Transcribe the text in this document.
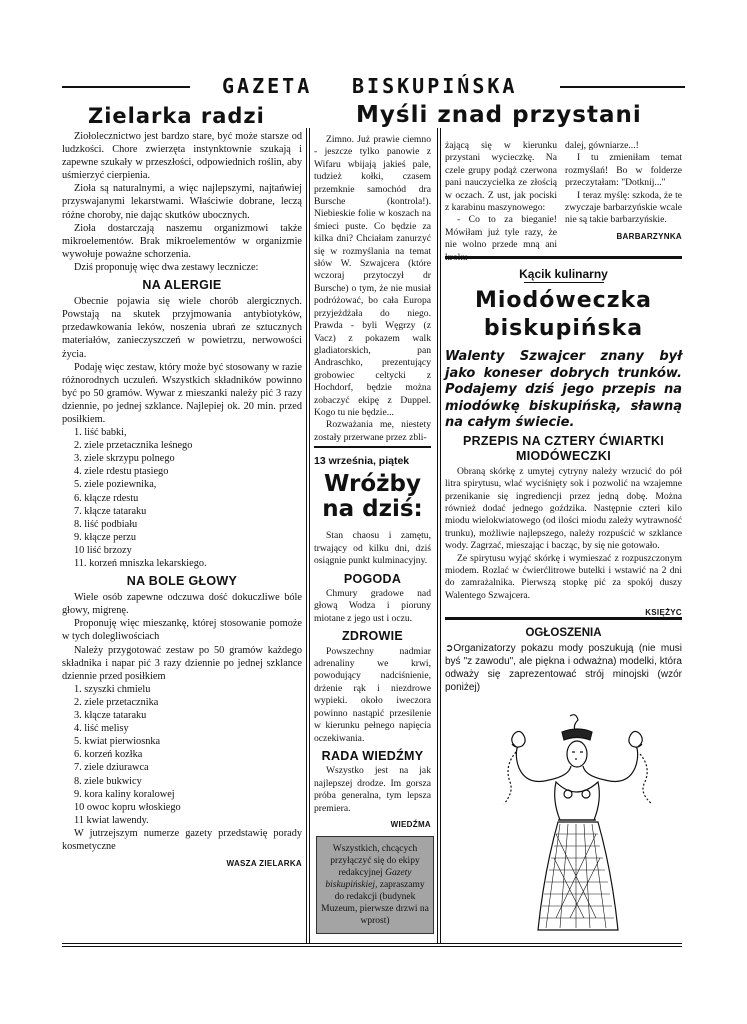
GAZETA BISKUPIŃSKA
Zielarka radzi	Myśli znad przystani

Ziołolecznictwo jest bardzo stare, być może starsze od ludzkości. Chore zwierzęta instynktownie szukają i zapewne szukały w przeszłości, odpowiednich roślin, aby uśmierzyć cierpienia.

Zioła są naturalnymi, a więc najlepszymi, najtańwiej przyswajanymi lekarstwami. Właściwie dobrane, leczą różne choroby, nie dając skutków ubocznych.

Zioła dostarczają naszemu organizmowi także mikroelementów. Brak mikroelementów w organizmie wywołuje poważne schorzenia.

Dziś proponuję więc dwa zestawy lecznicze:

NA ALERGIE

Obecnie pojawia się wiele chorób alergicznych. Powstają na skutek przyjmowania antybiotyków, przedawkowania leków, noszenia ubrań ze sztucznych materiałów, zanieczyszczeń w powietrzu, nerwowości życia.

Podaję więc zestaw, który może być stosowany w razie różnorodnych uczuleń. Wszystkich składników powinno być po 50 gramów. Wywar z mieszanki należy pić 3 razy dziennie, po jednej szklance. Najlepiej ok. 20 min. przed posiłkiem.

1. liść babki,
2. ziele przetacznika leśnego
3. ziele skrzypu polnego
4. ziele rdestu ptasiego
5. ziele poziewnika,
6. kłącze rdestu
7. kłącze tataraku
8. liść podbiału
9. kłącze perzu
10 liść brzozy
11. korzeń mniszka lekarskiego.
NA BOLE GŁOWY

Wiele osób zapewne odczuwa dość dokuczliwe bóle głowy, migrenę.

Proponuję więc mieszankę, której stosowanie pomoże w tych dolegliwościach

Należy przygotować zestaw po 50 gramów każdego składnika i napar pić 3 razy dziennie po jednej szklance dziennie przed posiłkiem

1. szyszki chmielu
2. ziele przetacznika
3. kłącze tataraku
4. liść melisy
5. kwiat pierwiosnka
6. korzeń kozłka
7. ziele dziurawca
8. ziele bukwicy
9. kora kaliny koralowej
10 owoc kopru włoskiego
11 kwiat lawendy.

W jutrzejszym numerze gazety przedstawię porady kosmetyczne

WASZA ZIELARKA

Zimno. Już prawie ciemno - jeszcze tylko panowie z Wifaru wbijają jakieś pale, tudzież kołki, czasem przemknie samochód dra Bursche (kontrola!). Niebieskie folie w koszach na śmieci puste. Co będzie za kilka dni? Chciałam zanurzyć się w rozmyślania na temat słów W. Szwajcera (które wczoraj przytoczył dr Bursche) o tym, że nie musiał podróżować, bo cała Europa przyjeżdżała do niego. Prawda - byli Węgrzy (z Vacz) z pokazem walk gladiatorskich, pan Andraschko, prezentujący grobowiec celtycki z Hochdorf, będzie można zobaczyć ekipę z Duppel. Kogo tu nie będzie...

Rozważania me, niestety zostały przerwane przez zbli-

13 września, piątek
Wróżby
na dziś:

Stan chaosu i zamętu, trwający od kilku dni, dziś osiągnie punkt kulminacyjny.

POGODA

Chmury gradowe nad głową Wodza i pioruny miotane z jego ust i oczu.

ZDROWIE

Powszechny nadmiar adrenaliny we krwi, powodujący nadciśnienie, drżenie rąk i niezdrowe wypieki. około iweczora powinno nastąpić przesilenie w kierunku pełnego napięcia oczekiwania.

RADA WIEDŹMY

Wszystko jest na jak najlepszej drodze. Im gorsza próba generalna, tym lepsza premiera.

WIEDŹMA
Wszystkich, chcących przyłączyć się do ekipy redakcyjnej Gazety biskupińskiej, zapraszamy do redakcji (budynek Muzeum, pierwsze drzwi na wprost)

żającą się w kierunku przystani wycieczkę. Na czele grupy podąż czerwona pani nauczycielka ze złością w oczach. Z ust, jak pociski z karabinu maszynowego:

- Co to za bieganie! Mówiłam już tyle razy, że nie wolno przede mną ani

dalej, gówniarze...!

I tu zmieniłam temat rozmyślań! Bo w folderze przeczytałam: "Dotknij..."

I teraz myślę: szkoda, że te zwyczaje barbarzyńskie wcale nie są takie barbarzyńskie.

BARBARZYNKA
Kącik kulinarny
Miodóweczka
biskupińska
Walenty Szwajcer znany był jako koneser dobrych trunków. Podajemy dziś jego przepis na miodówkę biskupińską, sławną na całym świecie.
PRZEPIS NA CZTERY ĆWIARTKI
MIODÓWECZKI

Obraną skórkę z umytej cytryny należy wrzucić do pół litra spirytusu, wlać wyciśnięty sok i pozwolić na wzajemne przenikanie się ingrediencji przez jedną dobę. Można również dodać jednego goździka. Następnie czteri kilo miodu wielokwiatowego (od ilości miodu zależy wytrawność trunku), możliwie najlepszego, należy rozpuścić w szklance wody. Zagrzać, mieszając i bacząc, by się nie gotowało.

Ze spirytusu wyjąć skórkę i wymieszać z rozpuszczonym miodem. Rozlać w ćwierćlitrowe butelki i wstawić na 2 dni do zamrażalnika. Pierwszą stopkę pić za spokój duszy Walentego Szwajcera.

KSIĘŻYC
OGŁOSZENIA
➲Organizatorzy pokazu mody poszukują (nie musi byś "z zawodu", ale piękna i odważna) modelki, która odważy się zaprezentować strój minojski (wzór poniżej)
